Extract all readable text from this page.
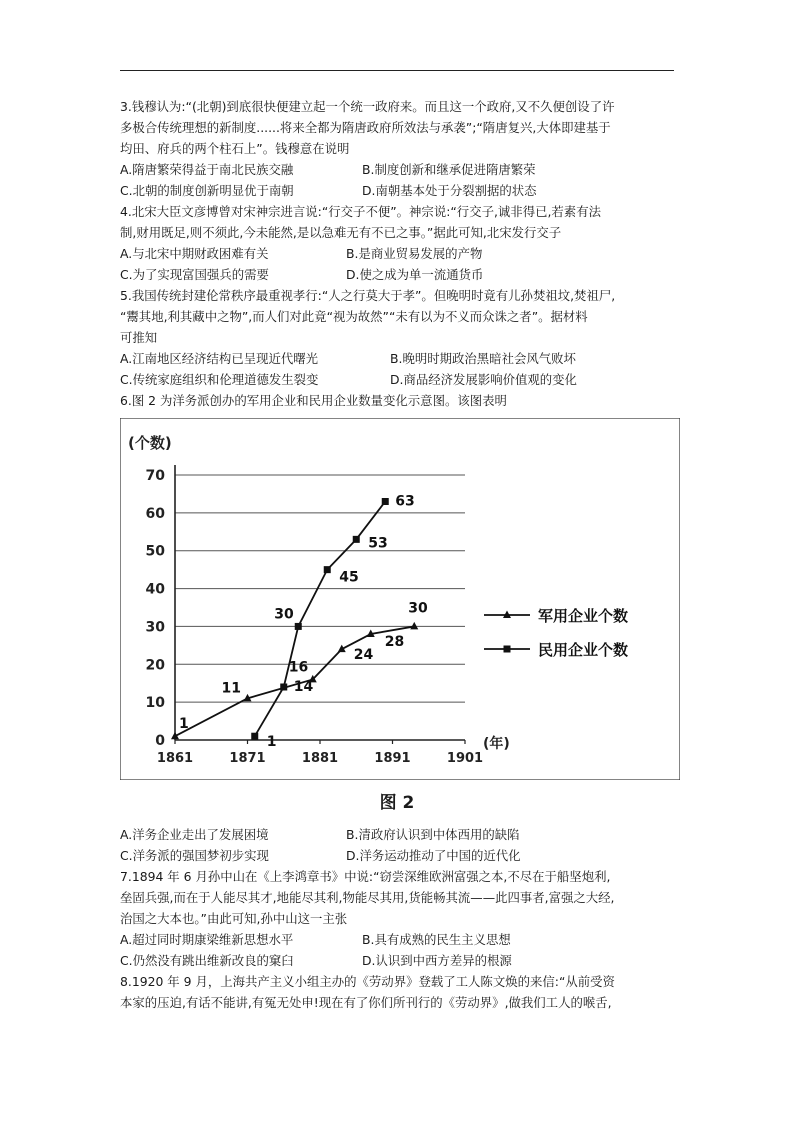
3.钱穆认为:“(北朝)到底很快便建立起一个统一政府来。而且这一个政府,又不久便创设了许
多极合传统理想的新制度......将来全都为隋唐政府所效法与承袭”;“隋唐复兴,大体即建基于
均田、府兵的两个柱石上”。钱穆意在说明
A.隋唐繁荣得益于南北民族交融	B.制度创新和继承促进隋唐繁荣
C.北朝的制度创新明显优于南朝	D.南朝基本处于分裂割据的状态
4.北宋大臣文彦博曾对宋神宗进言说:“行交子不便”。神宗说:“行交子,诚非得已,若素有法
制,财用既足,则不须此,今未能然,是以急难无有不已之事。”据此可知,北宋发行交子
A.与北宋中期财政困难有关	B.是商业贸易发展的产物
C.为了实现富国强兵的需要	D.使之成为单一流通货币
5.我国传统封建伦常秩序最重视孝行:“人之行莫大于孝”。但晚明时竟有儿孙焚祖坟,焚祖尸,
“鬻其地,利其藏中之物”,而人们对此竟“视为故然”“未有以为不义而众诛之者”。据材料
可推知
A.江南地区经济结构已呈现近代曙光	B.晚明时期政治黑暗社会风气败坏
C.传统家庭组织和伦理道德发生裂变	D.商品经济发展影响价值观的变化
6.图 2 为洋务派创办的军用企业和民用企业数量变化示意图。该图表明
0
10
20
30
40
50
60
70
1861	1871	1881	1891	1901
(个数)
(年)
1
11
16
24
28
30
1
14
30
45
53
63
军用企业个数
民用企业个数
图 2
A.洋务企业走出了发展困境	B.清政府认识到中体西用的缺陷
C.洋务派的强国梦初步实现	D.洋务运动推动了中国的近代化
7.1894 年 6 月孙中山在《上李鸿章书》中说:“窃尝深维欧洲富强之本,不尽在于船坚炮利,
垒固兵强,而在于人能尽其才,地能尽其利,物能尽其用,货能畅其流——此四事者,富强之大经,
治国之大本也。”由此可知,孙中山这一主张
A.超过同时期康梁维新思想水平	B.具有成熟的民生主义思想
C.仍然没有跳出维新改良的窠臼	D.认识到中西方差异的根源
8.1920 年 9 月，上海共产主义小组主办的《劳动界》登载了工人陈文焕的来信:“从前受资
本家的压迫,有话不能讲,有冤无处申!现在有了你们所刊行的《劳动界》,做我们工人的喉舌,
